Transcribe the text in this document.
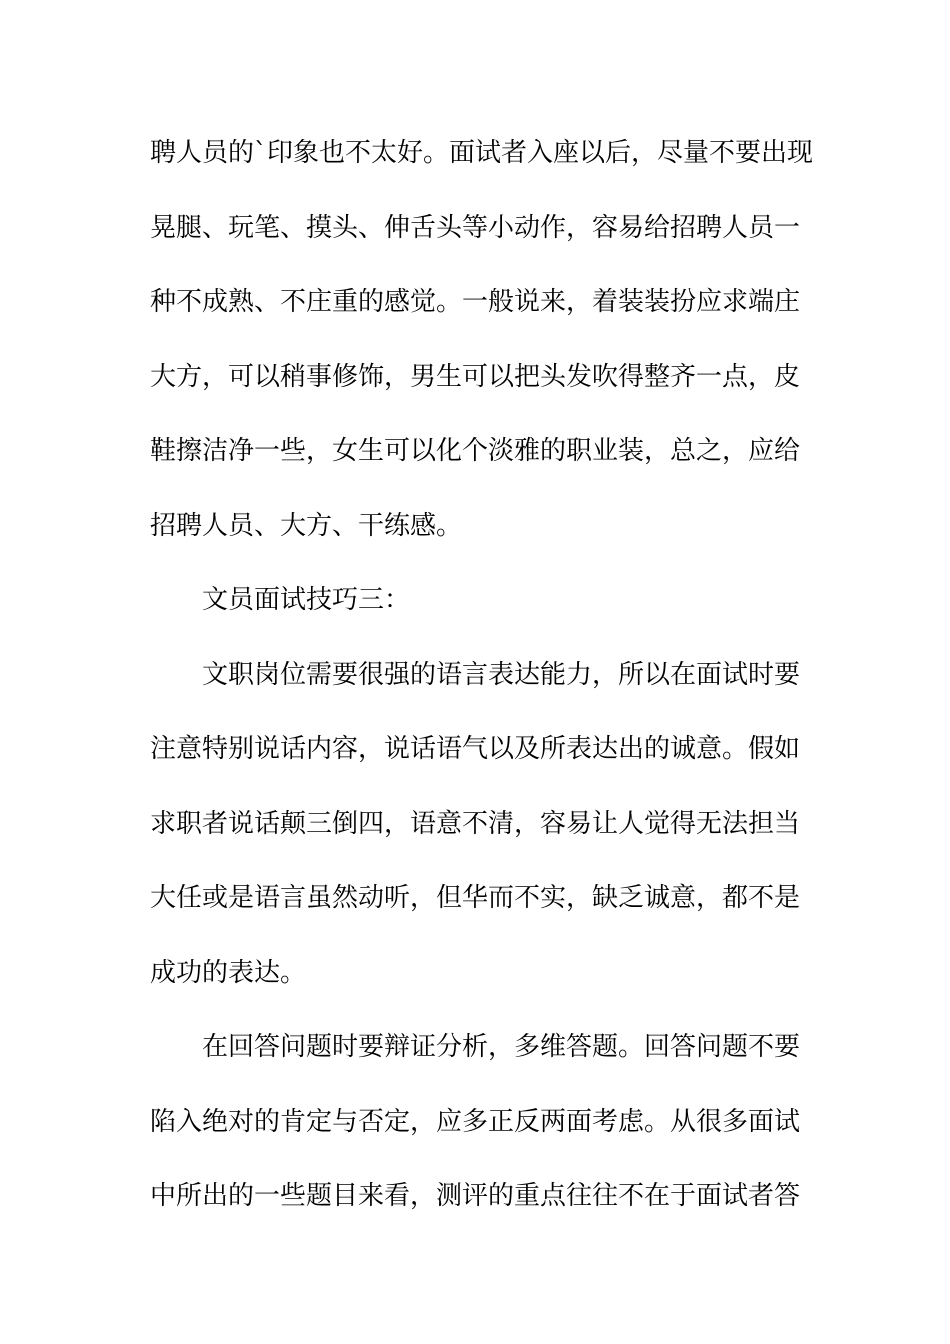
聘人员的`印象也不太好。面试者入座以后，尽量不要出现
晃腿、玩笔、摸头、伸舌头等小动作，容易给招聘人员一
种不成熟、不庄重的感觉。一般说来，着装装扮应求端庄
大方，可以稍事修饰，男生可以把头发吹得整齐一点，皮
鞋擦洁净一些，女生可以化个淡雅的职业装，总之，应给
招聘人员、大方、干练感。
文员面试技巧三：
文职岗位需要很强的语言表达能力，所以在面试时要
注意特别说话内容，说话语气以及所表达出的诚意。假如
求职者说话颠三倒四，语意不清，容易让人觉得无法担当
大任或是语言虽然动听，但华而不实，缺乏诚意，都不是
成功的表达。
在回答问题时要辩证分析，多维答题。回答问题不要
陷入绝对的肯定与否定，应多正反两面考虑。从很多面试
中所出的一些题目来看，测评的重点往往不在于面试者答
